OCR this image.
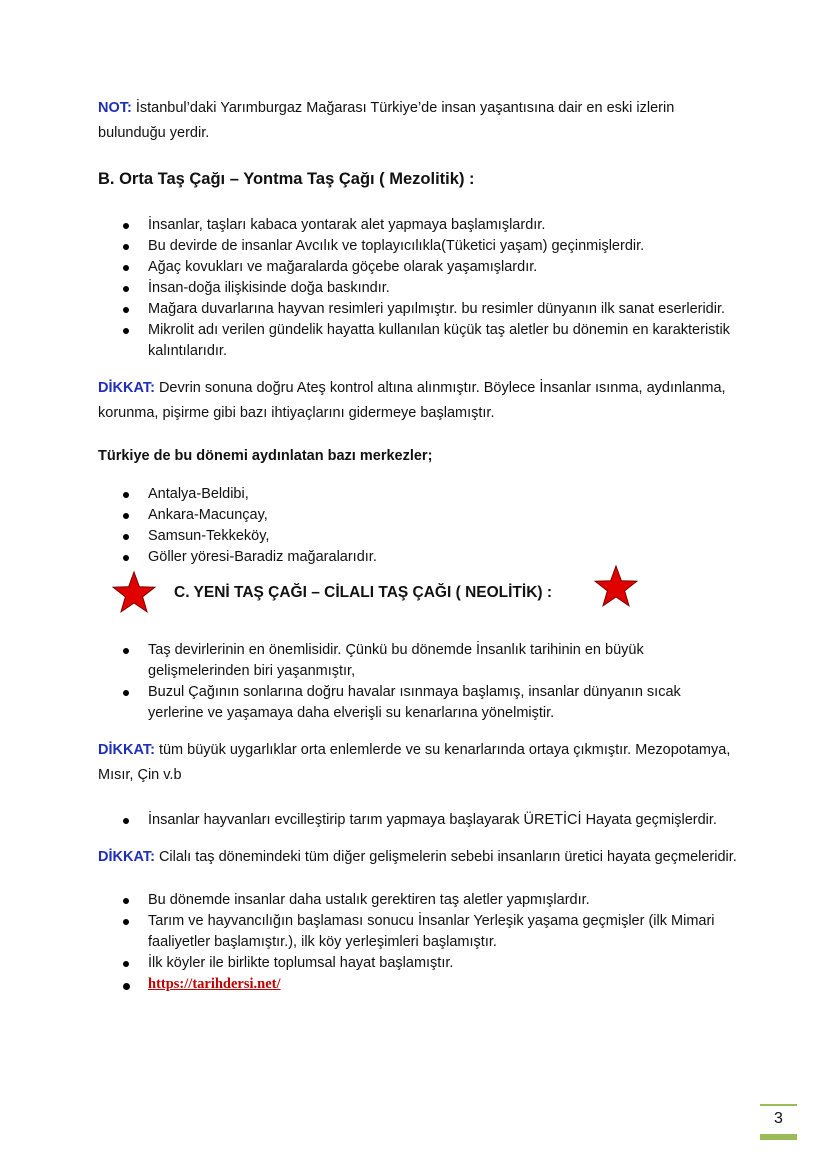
NOT: İstanbul’daki Yarımburgaz Mağarası Türkiye’de insan yaşantısına dair en eski izlerin bulunduğu yerdir.

B. Orta Taş Çağı – Yontma Taş Çağı ( Mezolitik) :

İnsanlar, taşları kabaca yontarak alet yapmaya başlamışlardır.
Bu devirde de insanlar Avcılık ve toplayıcılıkla(Tüketici yaşam) geçinmişlerdir.
Ağaç kovukları ve mağaralarda göçebe olarak yaşamışlardır.
İnsan-doğa ilişkisinde doğa baskındır.
Mağara duvarlarına hayvan resimleri yapılmıştır. bu resimler dünyanın ilk sanat eserleridir.
Mikrolit adı verilen gündelik hayatta kullanılan küçük taş aletler bu dönemin en karakteristik kalıntılarıdır.

DİKKAT: Devrin sonuna doğru Ateş kontrol altına alınmıştır. Böylece İnsanlar ısınma, aydınlanma, korunma, pişirme gibi bazı ihtiyaçlarını gidermeye başlamıştır.

Türkiye de bu dönemi aydınlatan bazı merkezler;

Antalya-Beldibi,
Ankara-Macunçay,
Samsun-Tekkeköy,
Göller yöresi-Baradiz mağaralarıdır.
C. YENİ TAŞ ÇAĞI – CİLALI TAŞ ÇAĞI ( NEOLİTİK) :
Taş devirlerinin en önemlisidir. Çünkü bu dönemde İnsanlık tarihinin en büyük gelişmelerinden biri yaşanmıştır,
Buzul Çağının sonlarına doğru havalar ısınmaya başlamış, insanlar dünyanın sıcak yerlerine ve yaşamaya daha elverişli su kenarlarına yönelmiştir.

DİKKAT: tüm büyük uygarlıklar orta enlemlerde ve su kenarlarında ortaya çıkmıştır. Mezopotamya, Mısır, Çin v.b

İnsanlar hayvanları evcilleştirip tarım yapmaya başlayarak ÜRETİCİ Hayata geçmişlerdir.

DİKKAT: Cilalı taş dönemindeki tüm diğer gelişmelerin sebebi insanların üretici hayata geçmeleridir.

Bu dönemde insanlar daha ustalık gerektiren taş aletler yapmışlardır.
Tarım ve hayvancılığın başlaması sonucu İnsanlar Yerleşik yaşama geçmişler (ilk Mimari faaliyetler başlamıştır.), ilk köy yerleşimleri başlamıştır.
İlk köyler ile birlikte toplumsal hayat başlamıştır.
https://tarihdersi.net/
3
